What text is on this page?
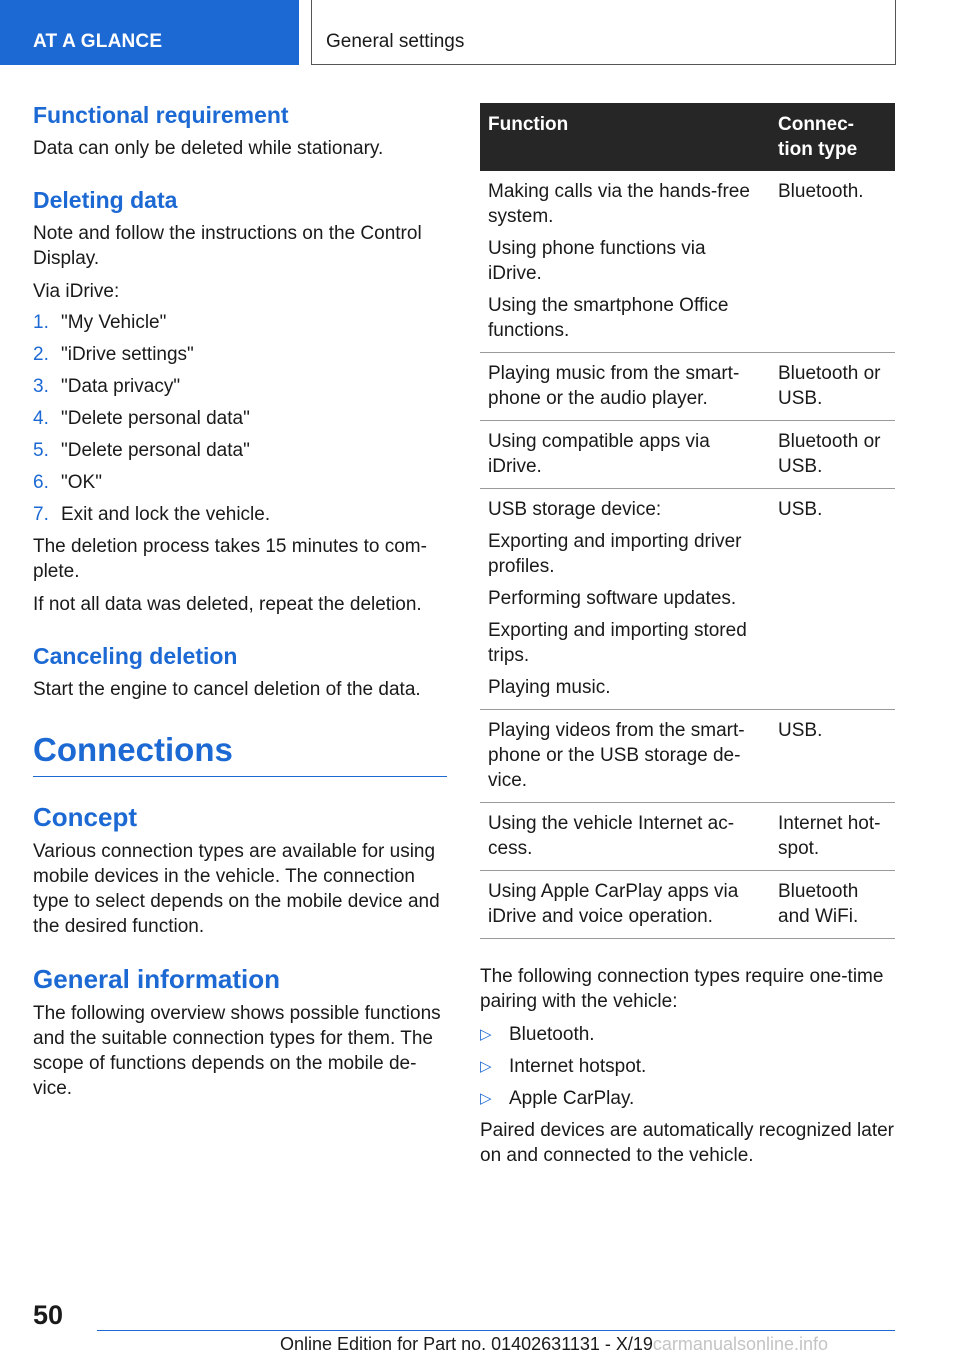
AT A GLANCE	General settings
Functional requirement
Data can only be deleted while stationary.
Deleting data
Note and follow the instructions on the Control Display.
Via iDrive:
1. "My Vehicle"
2. "iDrive settings"
3. "Data privacy"
4. "Delete personal data"
5. "Delete personal data"
6. "OK"
7. Exit and lock the vehicle.
The deletion process takes 15 minutes to com-plete.
If not all data was deleted, repeat the deletion.
Canceling deletion
Start the engine to cancel deletion of the data.
Connections
Concept
Various connection types are available for using mobile devices in the vehicle. The connection type to select depends on the mobile device and the desired function.
General information
The following overview shows possible functions and the suitable connection types for them. The scope of functions depends on the mobile de-vice.
Function	Connec-tion type

Making calls via the hands-free system.
Using phone functions via iDrive.
Using the smartphone Office functions.	Bluetooth.

Playing music from the smart-phone or the audio player.	Bluetooth or USB.

Using compatible apps via iDrive.	Bluetooth or USB.

USB storage device:
Exporting and importing driver profiles.
Performing software updates.
Exporting and importing stored trips.
Playing music.	USB.

Playing videos from the smart-phone or the USB storage de-vice.	USB.

Using the vehicle Internet ac-cess.	Internet hot-spot.

Using Apple CarPlay apps via iDrive and voice operation.	Bluetooth and WiFi.
The following connection types require one-time pairing with the vehicle:
▷ Bluetooth.
▷ Internet hotspot.
▷ Apple CarPlay.
Paired devices are automatically recognized later on and connected to the vehicle.
50
Online Edition for Part no. 01402631131 - X/19carmanualsonline.info
